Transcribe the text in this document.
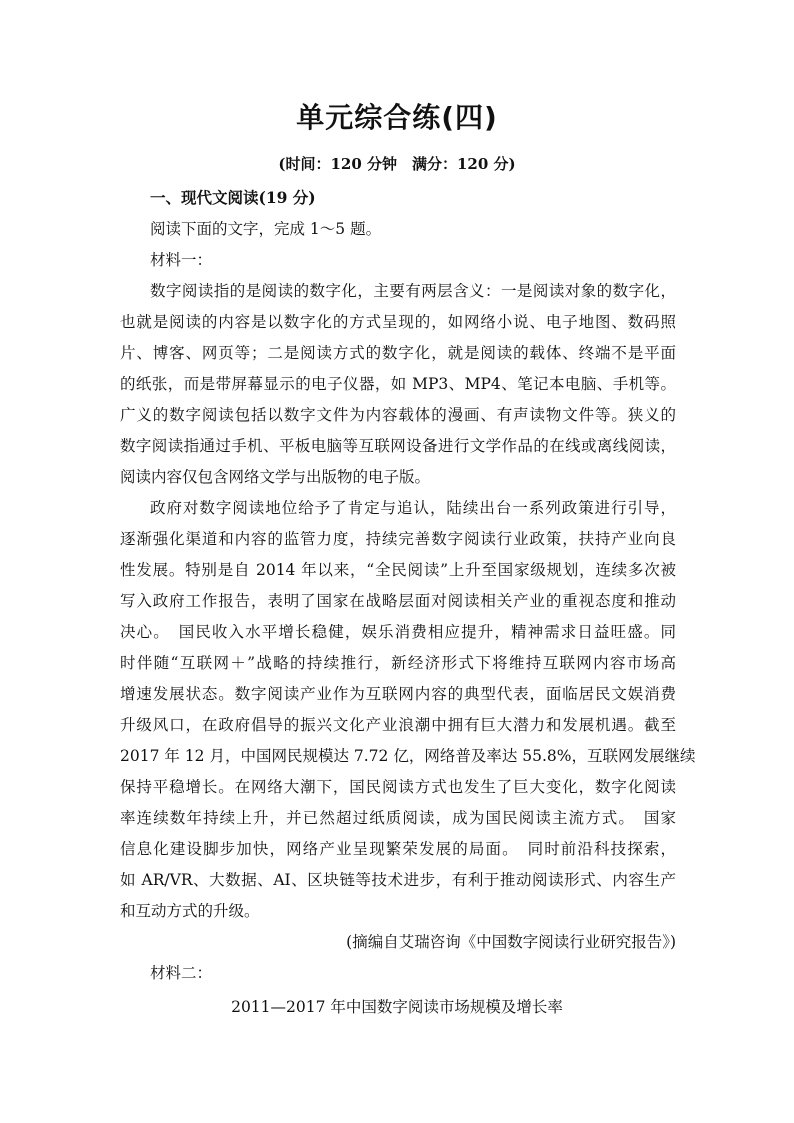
单元综合练(四)
(时间：120 分钟　满分：120 分)
一、现代文阅读(19 分)
阅读下面的文字，完成 1～5 题。
材料一：
数字阅读指的是阅读的数字化，主要有两层含义：一是阅读对象的数字化，
也就是阅读的内容是以数字化的方式呈现的，如网络小说、电子地图、数码照
片、博客、网页等；二是阅读方式的数字化，就是阅读的载体、终端不是平面
的纸张，而是带屏幕显示的电子仪器，如 MP3、MP4、笔记本电脑、手机等。
广义的数字阅读包括以数字文件为内容载体的漫画、有声读物文件等。狭义的
数字阅读指通过手机、平板电脑等互联网设备进行文学作品的在线或离线阅读，
阅读内容仅包含网络文学与出版物的电子版。
政府对数字阅读地位给予了肯定与追认，陆续出台一系列政策进行引导，
逐渐强化渠道和内容的监管力度，持续完善数字阅读行业政策，扶持产业向良
性发展。特别是自 2014 年以来，“全民阅读”上升至国家级规划，连续多次被
写入政府工作报告，表明了国家在战略层面对阅读相关产业的重视态度和推动
决心。　国民收入水平增长稳健，娱乐消费相应提升，精神需求日益旺盛。同
时伴随“互联网＋”战略的持续推行，新经济形式下将维持互联网内容市场高
增速发展状态。数字阅读产业作为互联网内容的典型代表，面临居民文娱消费
升级风口，在政府倡导的振兴文化产业浪潮中拥有巨大潜力和发展机遇。截至
2017 年 12 月，中国网民规模达 7.72 亿，网络普及率达 55.8%，互联网发展继续
保持平稳增长。在网络大潮下，国民阅读方式也发生了巨大变化，数字化阅读
率连续数年持续上升，并已然超过纸质阅读，成为国民阅读主流方式。　国家
信息化建设脚步加快，网络产业呈现繁荣发展的局面。　同时前沿科技探索，
如 AR/VR、大数据、AI、区块链等技术进步，有利于推动阅读形式、内容生产
和互动方式的升级。
(摘编自艾瑞咨询《中国数字阅读行业研究报告》)
材料二：
2011—2017 年中国数字阅读市场规模及增长率
